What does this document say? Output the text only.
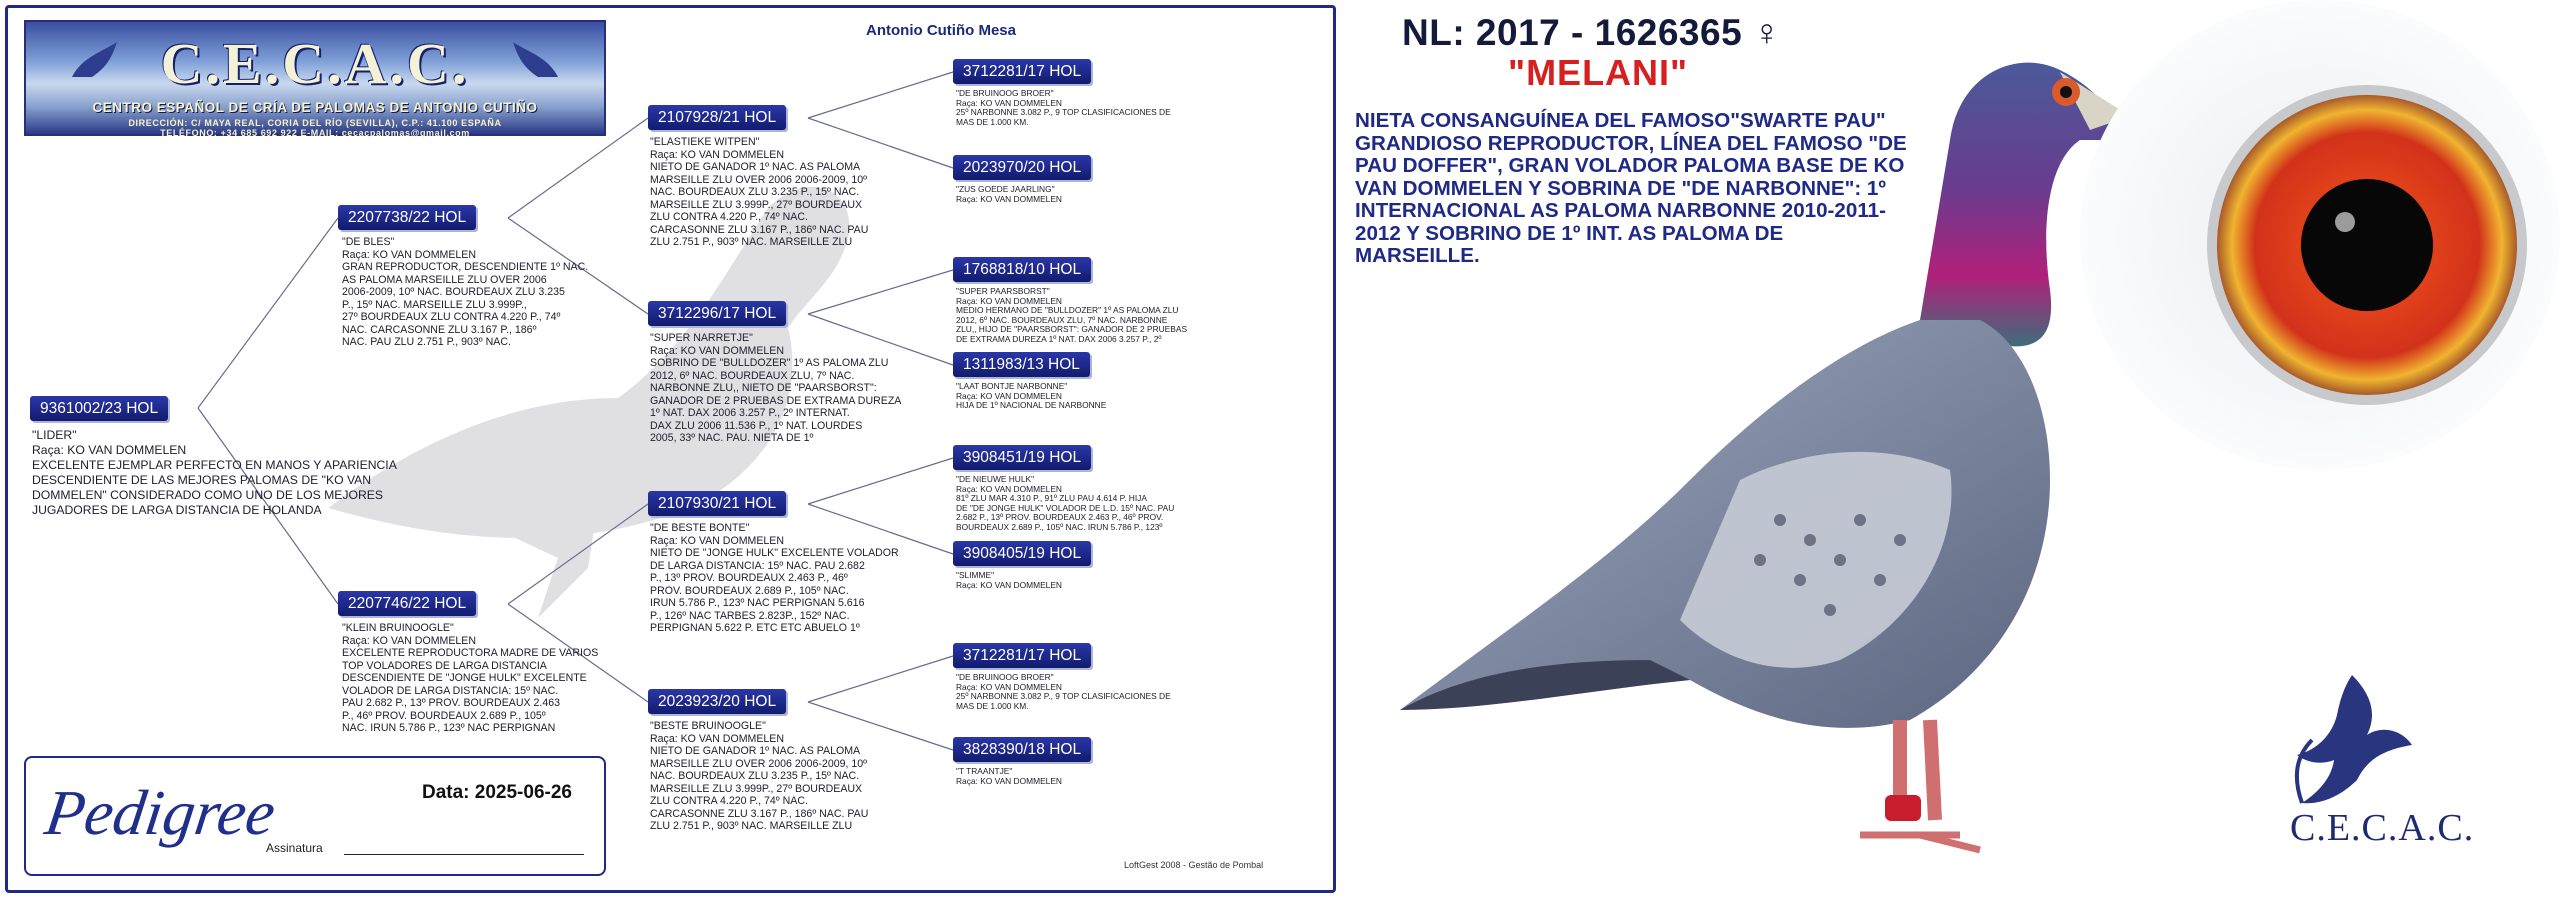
C.E.C.A.C.
CENTRO ESPAÑOL DE CRÍA DE PALOMAS DE ANTONIO CUTIÑO
DIRECCIÓN: C/ MAYA REAL, CORIA DEL RÍO (SEVILLA), C.P.: 41.100 ESPAÑA
TELÉFONO: +34 685 692 922 E-MAIL: cecacpalomas@gmail.com
Antonio Cutiño Mesa
9361002/23 HOL
"LIDER"
Raça: KO VAN DOMMELEN
EXCELENTE EJEMPLAR PERFECTO EN MANOS Y APARIENCIA
DESCENDIENTE DE LAS MEJORES PALOMAS DE "KO VAN
DOMMELEN" CONSIDERADO COMO UNO DE LOS MEJORES
JUGADORES DE LARGA DISTANCIA DE HOLANDA
2207738/22 HOL
"DE BLES"
Raça: KO VAN DOMMELEN
GRAN REPRODUCTOR, DESCENDIENTE 1º NAC.
AS PALOMA MARSEILLE ZLU OVER 2006
2006-2009, 10º NAC. BOURDEAUX ZLU 3.235
P., 15º NAC. MARSEILLE ZLU 3.999P.,
27º BOURDEAUX ZLU CONTRA 4.220 P., 74º
NAC. CARCASONNE ZLU 3.167 P., 186º
NAC. PAU ZLU 2.751 P., 903º NAC.
2207746/22 HOL
"KLEIN BRUINOOGLE"
Raça: KO VAN DOMMELEN
EXCELENTE REPRODUCTORA MADRE DE VARIOS
TOP VOLADORES DE LARGA DISTANCIA
DESCENDIENTE DE "JONGE HULK" EXCELENTE
VOLADOR DE LARGA DISTANCIA: 15º NAC.
PAU 2.682 P., 13º PROV. BOURDEAUX 2.463
P., 46º PROV. BOURDEAUX 2.689 P., 105º
NAC. IRUN 5.786 P., 123º NAC PERPIGNAN
2107928/21 HOL
"ELASTIEKE WITPEN"
Raça: KO VAN DOMMELEN
NIETO DE GANADOR 1º NAC. AS PALOMA
MARSEILLE ZLU OVER 2006 2006-2009, 10º
NAC. BOURDEAUX ZLU 3.235 P., 15º NAC.
MARSEILLE ZLU 3.999P., 27º BOURDEAUX
ZLU CONTRA 4.220 P., 74º NAC.
CARCASONNE ZLU 3.167 P., 186º NAC. PAU
ZLU 2.751 P., 903º NAC. MARSEILLE ZLU
3712296/17 HOL
"SUPER NARRETJE"
Raça: KO VAN DOMMELEN
SOBRINO DE "BULLDOZER" 1º AS PALOMA ZLU
2012, 6º NAC. BOURDEAUX ZLU, 7º NAC.
NARBONNE ZLU,, NIETO DE "PAARSBORST":
GANADOR DE 2 PRUEBAS DE EXTRAMA DUREZA
1º NAT. DAX 2006 3.257 P., 2º INTERNAT.
DAX ZLU 2006 11.536 P., 1º NAT. LOURDES
2005, 33º NAC. PAU. NIETA DE 1º
2107930/21 HOL
"DE BESTE BONTE"
Raça: KO VAN DOMMELEN
NIETO DE "JONGE HULK" EXCELENTE VOLADOR
DE LARGA DISTANCIA: 15º NAC. PAU 2.682
P., 13º PROV. BOURDEAUX 2.463 P., 46º
PROV. BOURDEAUX 2.689 P., 105º NAC.
IRUN 5.786 P., 123º NAC PERPIGNAN 5.616
P., 126º NAC TARBES 2.823P., 152º NAC.
PERPIGNAN 5.622 P. ETC ETC ABUELO 1º
2023923/20 HOL
"BESTE BRUINOOGLE"
Raça: KO VAN DOMMELEN
NIETO DE GANADOR 1º NAC. AS PALOMA
MARSEILLE ZLU OVER 2006 2006-2009, 10º
NAC. BOURDEAUX ZLU 3.235 P., 15º NAC.
MARSEILLE ZLU 3.999P., 27º BOURDEAUX
ZLU CONTRA 4.220 P., 74º NAC.
CARCASONNE ZLU 3.167 P., 186º NAC. PAU
ZLU 2.751 P., 903º NAC. MARSEILLE ZLU
3712281/17 HOL
"DE BRUINOOG BROER"
Raça: KO VAN DOMMELEN
25º NARBONNE 3.082 P., 9 TOP CLASIFICACIONES DE
MAS DE 1.000 KM.
2023970/20 HOL
"ZUS GOEDE JAARLING"
Raça: KO VAN DOMMELEN
1768818/10 HOL
"SUPER PAARSBORST"
Raça: KO VAN DOMMELEN
MEDIO HERMANO DE "BULLDOZER" 1º AS PALOMA ZLU
2012, 6º NAC. BOURDEAUX ZLU, 7º NAC. NARBONNE
ZLU,, HIJO DE "PAARSBORST": GANADOR DE 2 PRUEBAS
DE EXTRAMA DUREZA 1º NAT. DAX 2006 3.257 P., 2º
1311983/13 HOL
"LAAT BONTJE NARBONNE"
Raça: KO VAN DOMMELEN
HIJA DE 1º NACIONAL DE NARBONNE
3908451/19 HOL
"DE NIEUWE HULK"
Raça: KO VAN DOMMELEN
81º ZLU MAR 4.310 P., 91º ZLU PAU 4.614 P. HIJA
DE "DE JONGE HULK" VOLADOR DE L.D. 15º NAC. PAU
2.682 P., 13º PROV. BOURDEAUX 2.463 P., 46º PROV.
BOURDEAUX 2.689 P., 105º NAC. IRUN 5.786 P., 123º
3908405/19 HOL
"SLIMME"
Raça: KO VAN DOMMELEN
3712281/17 HOL
"DE BRUINOOG BROER"
Raça: KO VAN DOMMELEN
25º NARBONNE 3.082 P., 9 TOP CLASIFICACIONES DE
MAS DE 1.000 KM.
3828390/18 HOL
"T TRAANTJE"
Raça: KO VAN DOMMELEN
Pedigree	Data: 2025-06-26
Assinatura
LoftGest 2008 - Gestão de Pombal
NL: 2017 - 1626365 ♀
"MELANI"
NIETA CONSANGUÍNEA DEL FAMOSO"SWARTE PAU" GRANDIOSO REPRODUCTOR, LÍNEA DEL FAMOSO "DE PAU DOFFER", GRAN VOLADOR PALOMA BASE DE KO VAN DOMMELEN Y SOBRINA DE "DE NARBONNE": 1º INTERNACIONAL AS PALOMA NARBONNE 2010-2011-2012 Y SOBRINO DE 1º INT. AS PALOMA DE MARSEILLE.
C.E.C.A.C.
